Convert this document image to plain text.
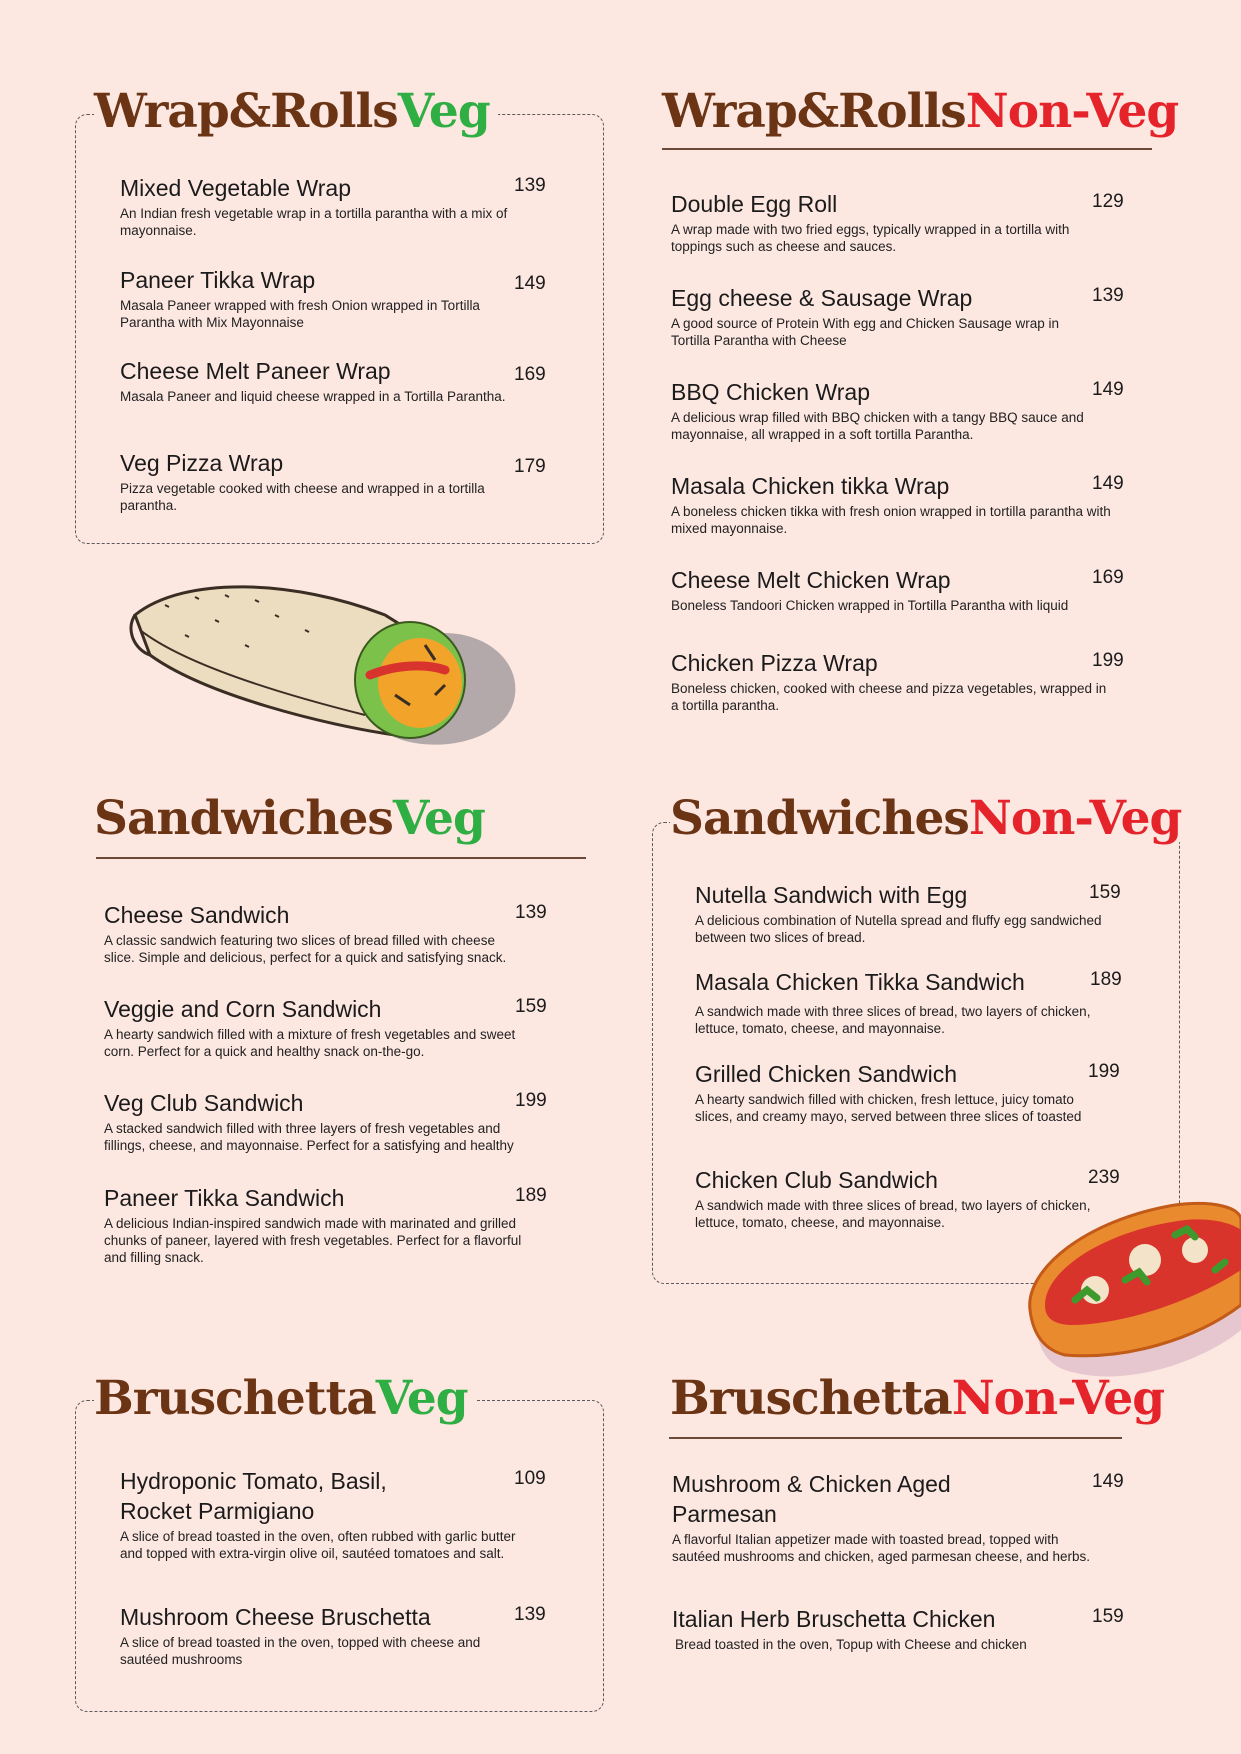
Wrap&RollsVeg
Mixed Vegetable Wrap	139
An Indian fresh vegetable wrap in a tortilla parantha with a mix of mayonnaise.
Paneer Tikka Wrap	149
Masala Paneer wrapped with fresh Onion wrapped in Tortilla Parantha with Mix Mayonnaise
Cheese Melt Paneer Wrap	169
Masala Paneer and liquid cheese wrapped in a Tortilla Parantha.
Veg Pizza Wrap	179
Pizza vegetable cooked with cheese and wrapped in a tortilla parantha.
Wrap&RollsNon-Veg
Double Egg Roll	129
A wrap made with two fried eggs, typically wrapped in a tortilla with toppings such as cheese and sauces.
Egg cheese & Sausage Wrap	139
A good source of Protein With egg and Chicken Sausage wrap in Tortilla Parantha with Cheese
BBQ Chicken Wrap	149
A delicious wrap filled with BBQ chicken with a tangy BBQ sauce and mayonnaise, all wrapped in a soft tortilla Parantha.
Masala Chicken tikka Wrap	149
A boneless chicken tikka with fresh onion wrapped in tortilla parantha with mixed mayonnaise.
Cheese Melt Chicken Wrap	169
Boneless Tandoori Chicken wrapped in Tortilla Parantha with liquid
Chicken Pizza Wrap	199
Boneless chicken, cooked with cheese and pizza vegetables, wrapped in a tortilla parantha.
SandwichesVeg
Cheese Sandwich	139
A classic sandwich featuring two slices of bread filled with cheese slice. Simple and delicious, perfect for a quick and satisfying snack.
Veggie and Corn Sandwich	159
A hearty sandwich filled with a mixture of fresh vegetables and sweet corn. Perfect for a quick and healthy snack on-the-go.
Veg Club Sandwich	199
A stacked sandwich filled with three layers of fresh vegetables and fillings, cheese, and mayonnaise. Perfect for a satisfying and healthy
Paneer Tikka Sandwich	189
A delicious Indian-inspired sandwich made with marinated and grilled chunks of paneer, layered with fresh vegetables. Perfect for a flavorful and filling snack.
SandwichesNon-Veg
Nutella Sandwich with Egg	159
A delicious combination of Nutella spread and fluffy egg sandwiched between two slices of bread.
Masala Chicken Tikka Sandwich	189
A sandwich made with three slices of bread, two layers of chicken, lettuce, tomato, cheese, and mayonnaise.
Grilled Chicken Sandwich	199
A hearty sandwich filled with chicken, fresh lettuce, juicy tomato slices, and creamy mayo, served between three slices of toasted
Chicken Club Sandwich	239
A sandwich made with three slices of bread, two layers of chicken, lettuce, tomato, cheese, and mayonnaise.
BruschettaVeg
Hydroponic Tomato, Basil, Rocket Parmigiano
109
A slice of bread toasted in the oven, often rubbed with garlic butter and topped with extra-virgin olive oil, sautéed tomatoes and salt.
Mushroom Cheese Bruschetta	139
A slice of bread toasted in the oven, topped with cheese and sautéed mushrooms
BruschettaNon-Veg
Mushroom & Chicken Aged Parmesan
149
A flavorful Italian appetizer made with toasted bread, topped with sautéed mushrooms and chicken, aged parmesan cheese, and herbs.
Italian Herb Bruschetta Chicken	159
Bread toasted in the oven, Topup with Cheese and chicken
